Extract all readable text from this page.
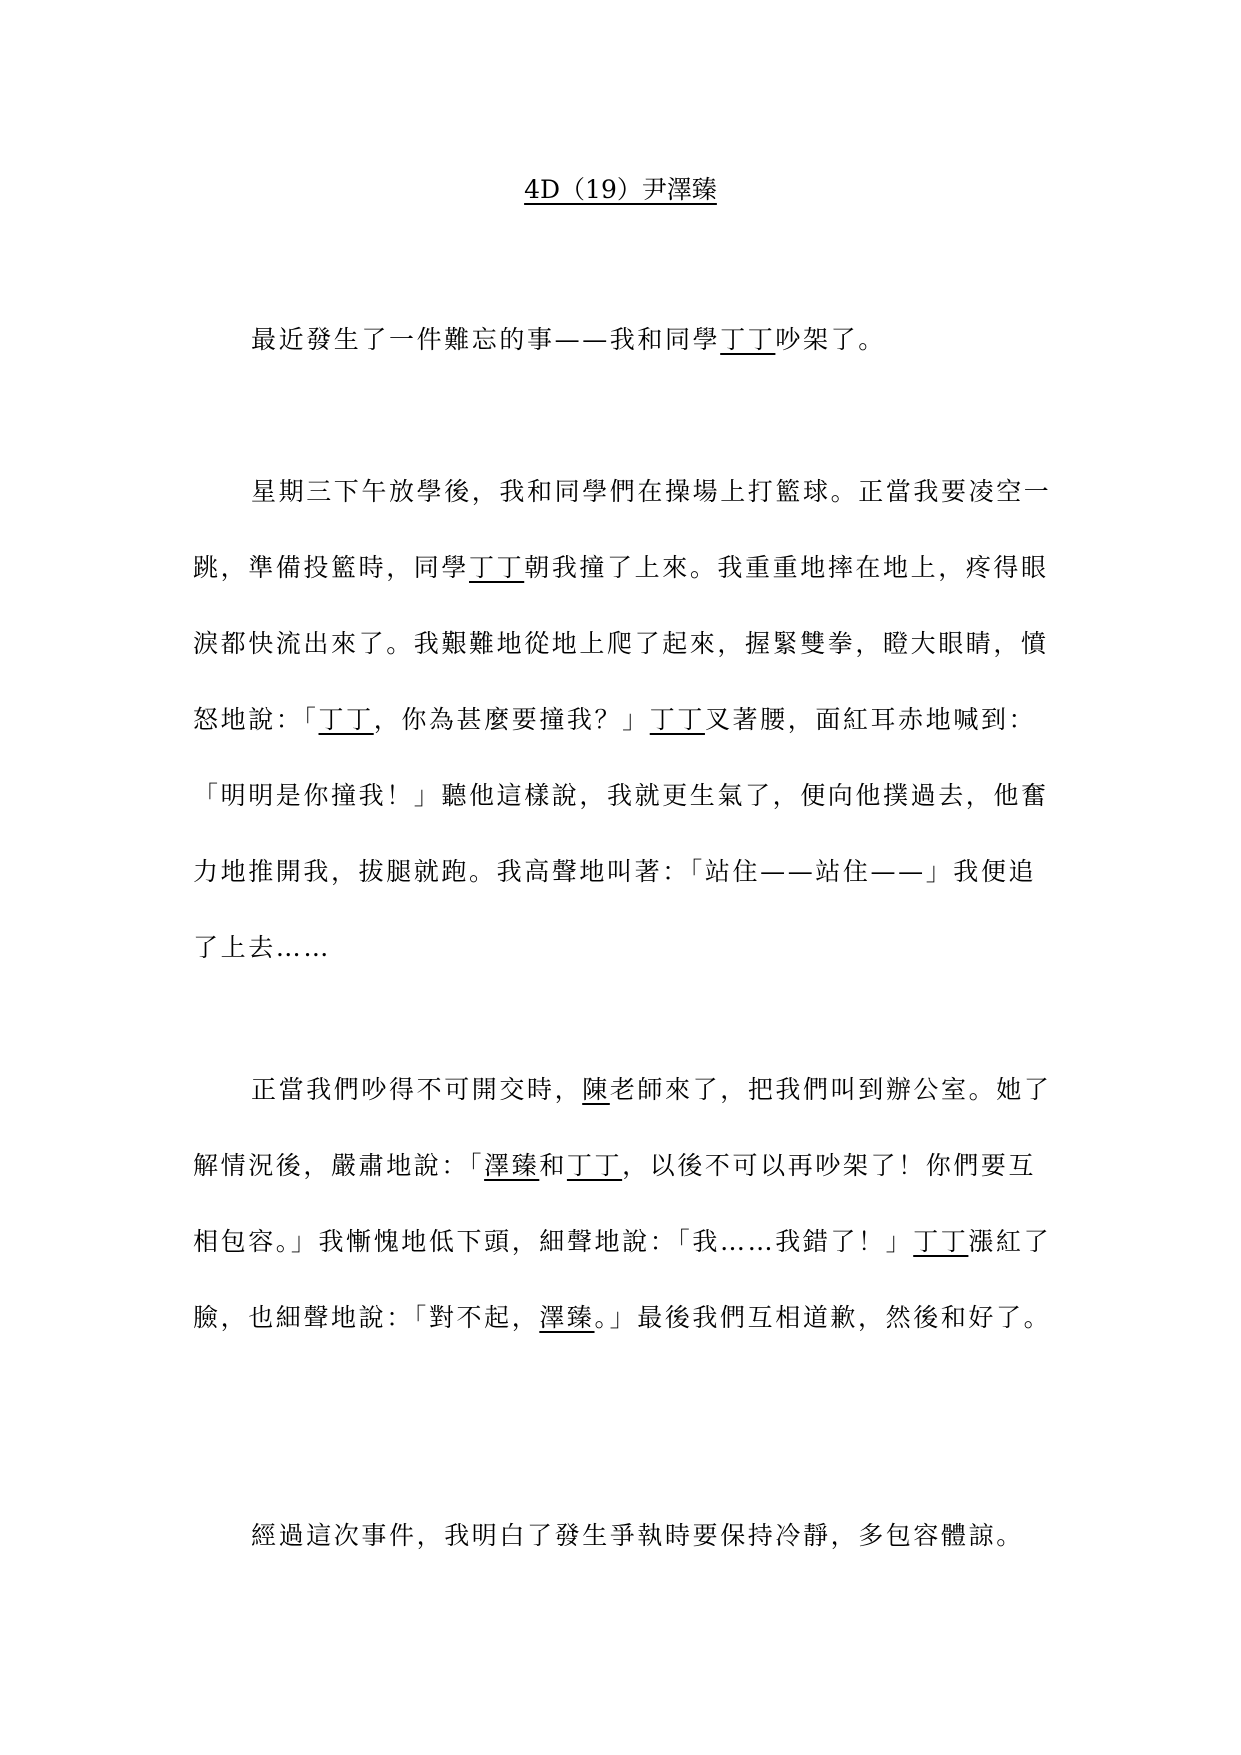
4D（19）尹澤臻

最近發生了一件難忘的事——我和同學丁丁吵架了。

星期三下午放學後，我和同學們在操場上打籃球。正當我要凌空一跳，準備投籃時，同學丁丁朝我撞了上來。我重重地摔在地上，疼得眼淚都快流出來了。我艱難地從地上爬了起來，握緊雙拳，瞪大眼睛，憤怒地說：「丁丁，你為甚麼要撞我？」丁丁叉著腰，面紅耳赤地喊到：「明明是你撞我！」聽他這樣說，我就更生氣了，便向他撲過去，他奮力地推開我，拔腿就跑。我高聲地叫著：「站住——站住——」我便追了上去……

正當我們吵得不可開交時，陳老師來了，把我們叫到辦公室。她了解情況後，嚴肅地說：「澤臻和丁丁，以後不可以再吵架了！你們要互相包容。」我慚愧地低下頭，細聲地說：「我……我錯了！」丁丁漲紅了臉，也細聲地說：「對不起，澤臻。」最後我們互相道歉，然後和好了。

經過這次事件，我明白了發生爭執時要保持冷靜，多包容體諒。
